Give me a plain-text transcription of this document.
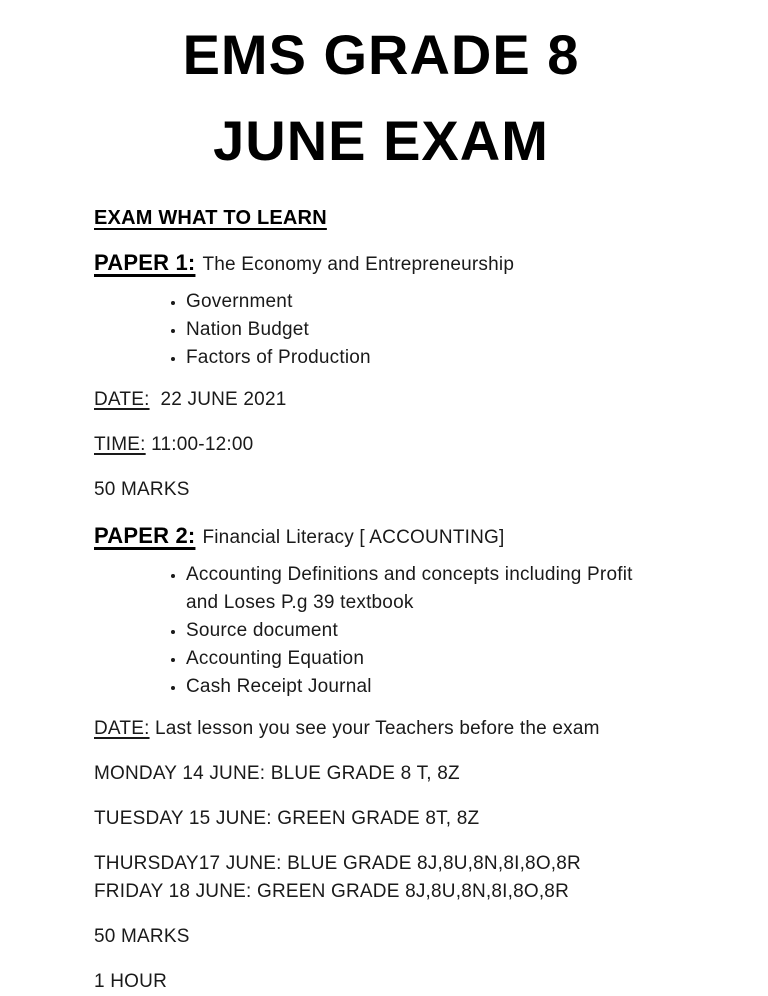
EMS GRADE 8
JUNE EXAM
EXAM WHAT TO LEARN

PAPER 1: The Economy and Entrepreneurship

• Government
• Nation Budget
• Factors of Production

DATE:  22 JUNE 2021

TIME: 11:00-12:00

50 MARKS

PAPER 2: Financial Literacy [ ACCOUNTING]

• Accounting Definitions and concepts including Profit and Loses P.g 39 textbook
• Source document
• Accounting Equation
• Cash Receipt Journal

DATE: Last lesson you see your Teachers before the exam

MONDAY 14 JUNE: BLUE GRADE 8 T, 8Z

TUESDAY 15 JUNE: GREEN GRADE 8T, 8Z

THURSDAY17 JUNE: BLUE GRADE 8J,8U,8N,8I,8O,8R
FRIDAY 18 JUNE: GREEN GRADE 8J,8U,8N,8I,8O,8R

50 MARKS

1 HOUR
